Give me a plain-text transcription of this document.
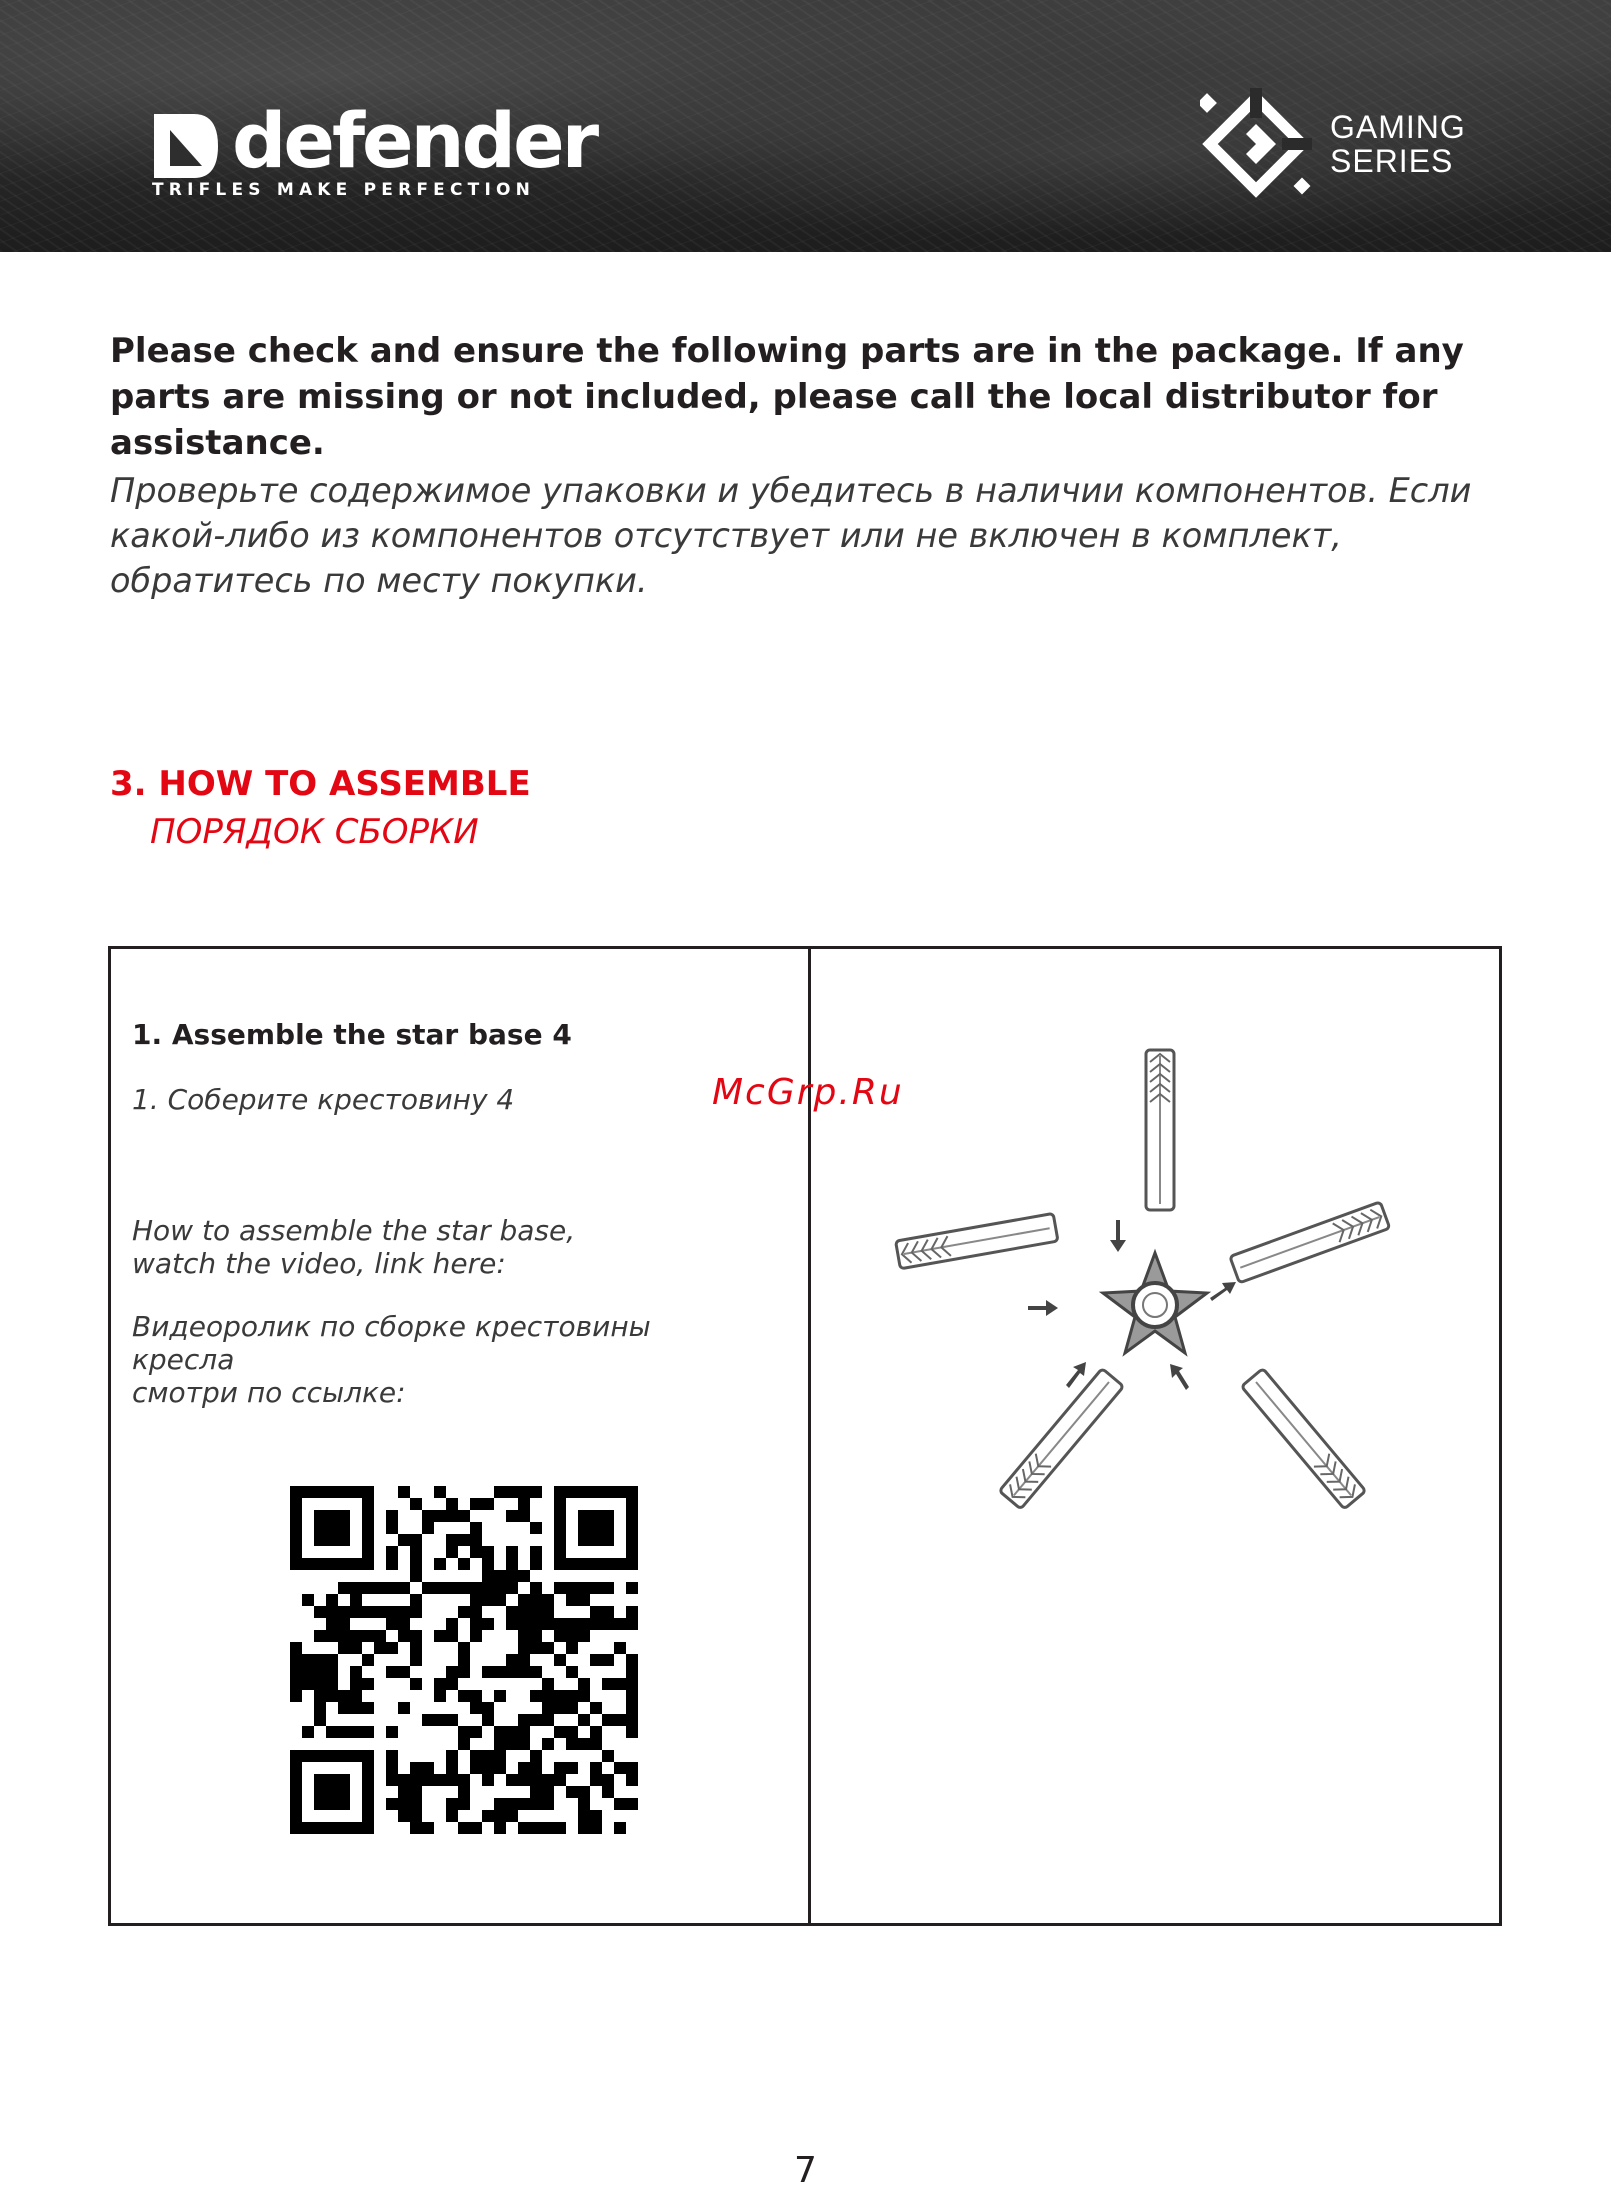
defender
TRIFLES MAKE PERFECTION
GAMING
SERIES
Please check and ensure the following parts are in the package. If any parts are missing or not included, please call the local distributor for assistance.
Проверьте содержимое упаковки и убедитесь в наличии компонентов. Если какой-либо из компонентов отсутствует или не включен в комплект, обратитесь по месту покупки.
3. HOW TO ASSEMBLE
ПОРЯДОК СБОРКИ
1. Assemble the star base 4
1. Соберите крестовину 4
How to assemble the star base,
watch the video, link here:
Видеоролик по сборке крестовины кресла
смотри по ссылке:
McGrp.Ru
7
